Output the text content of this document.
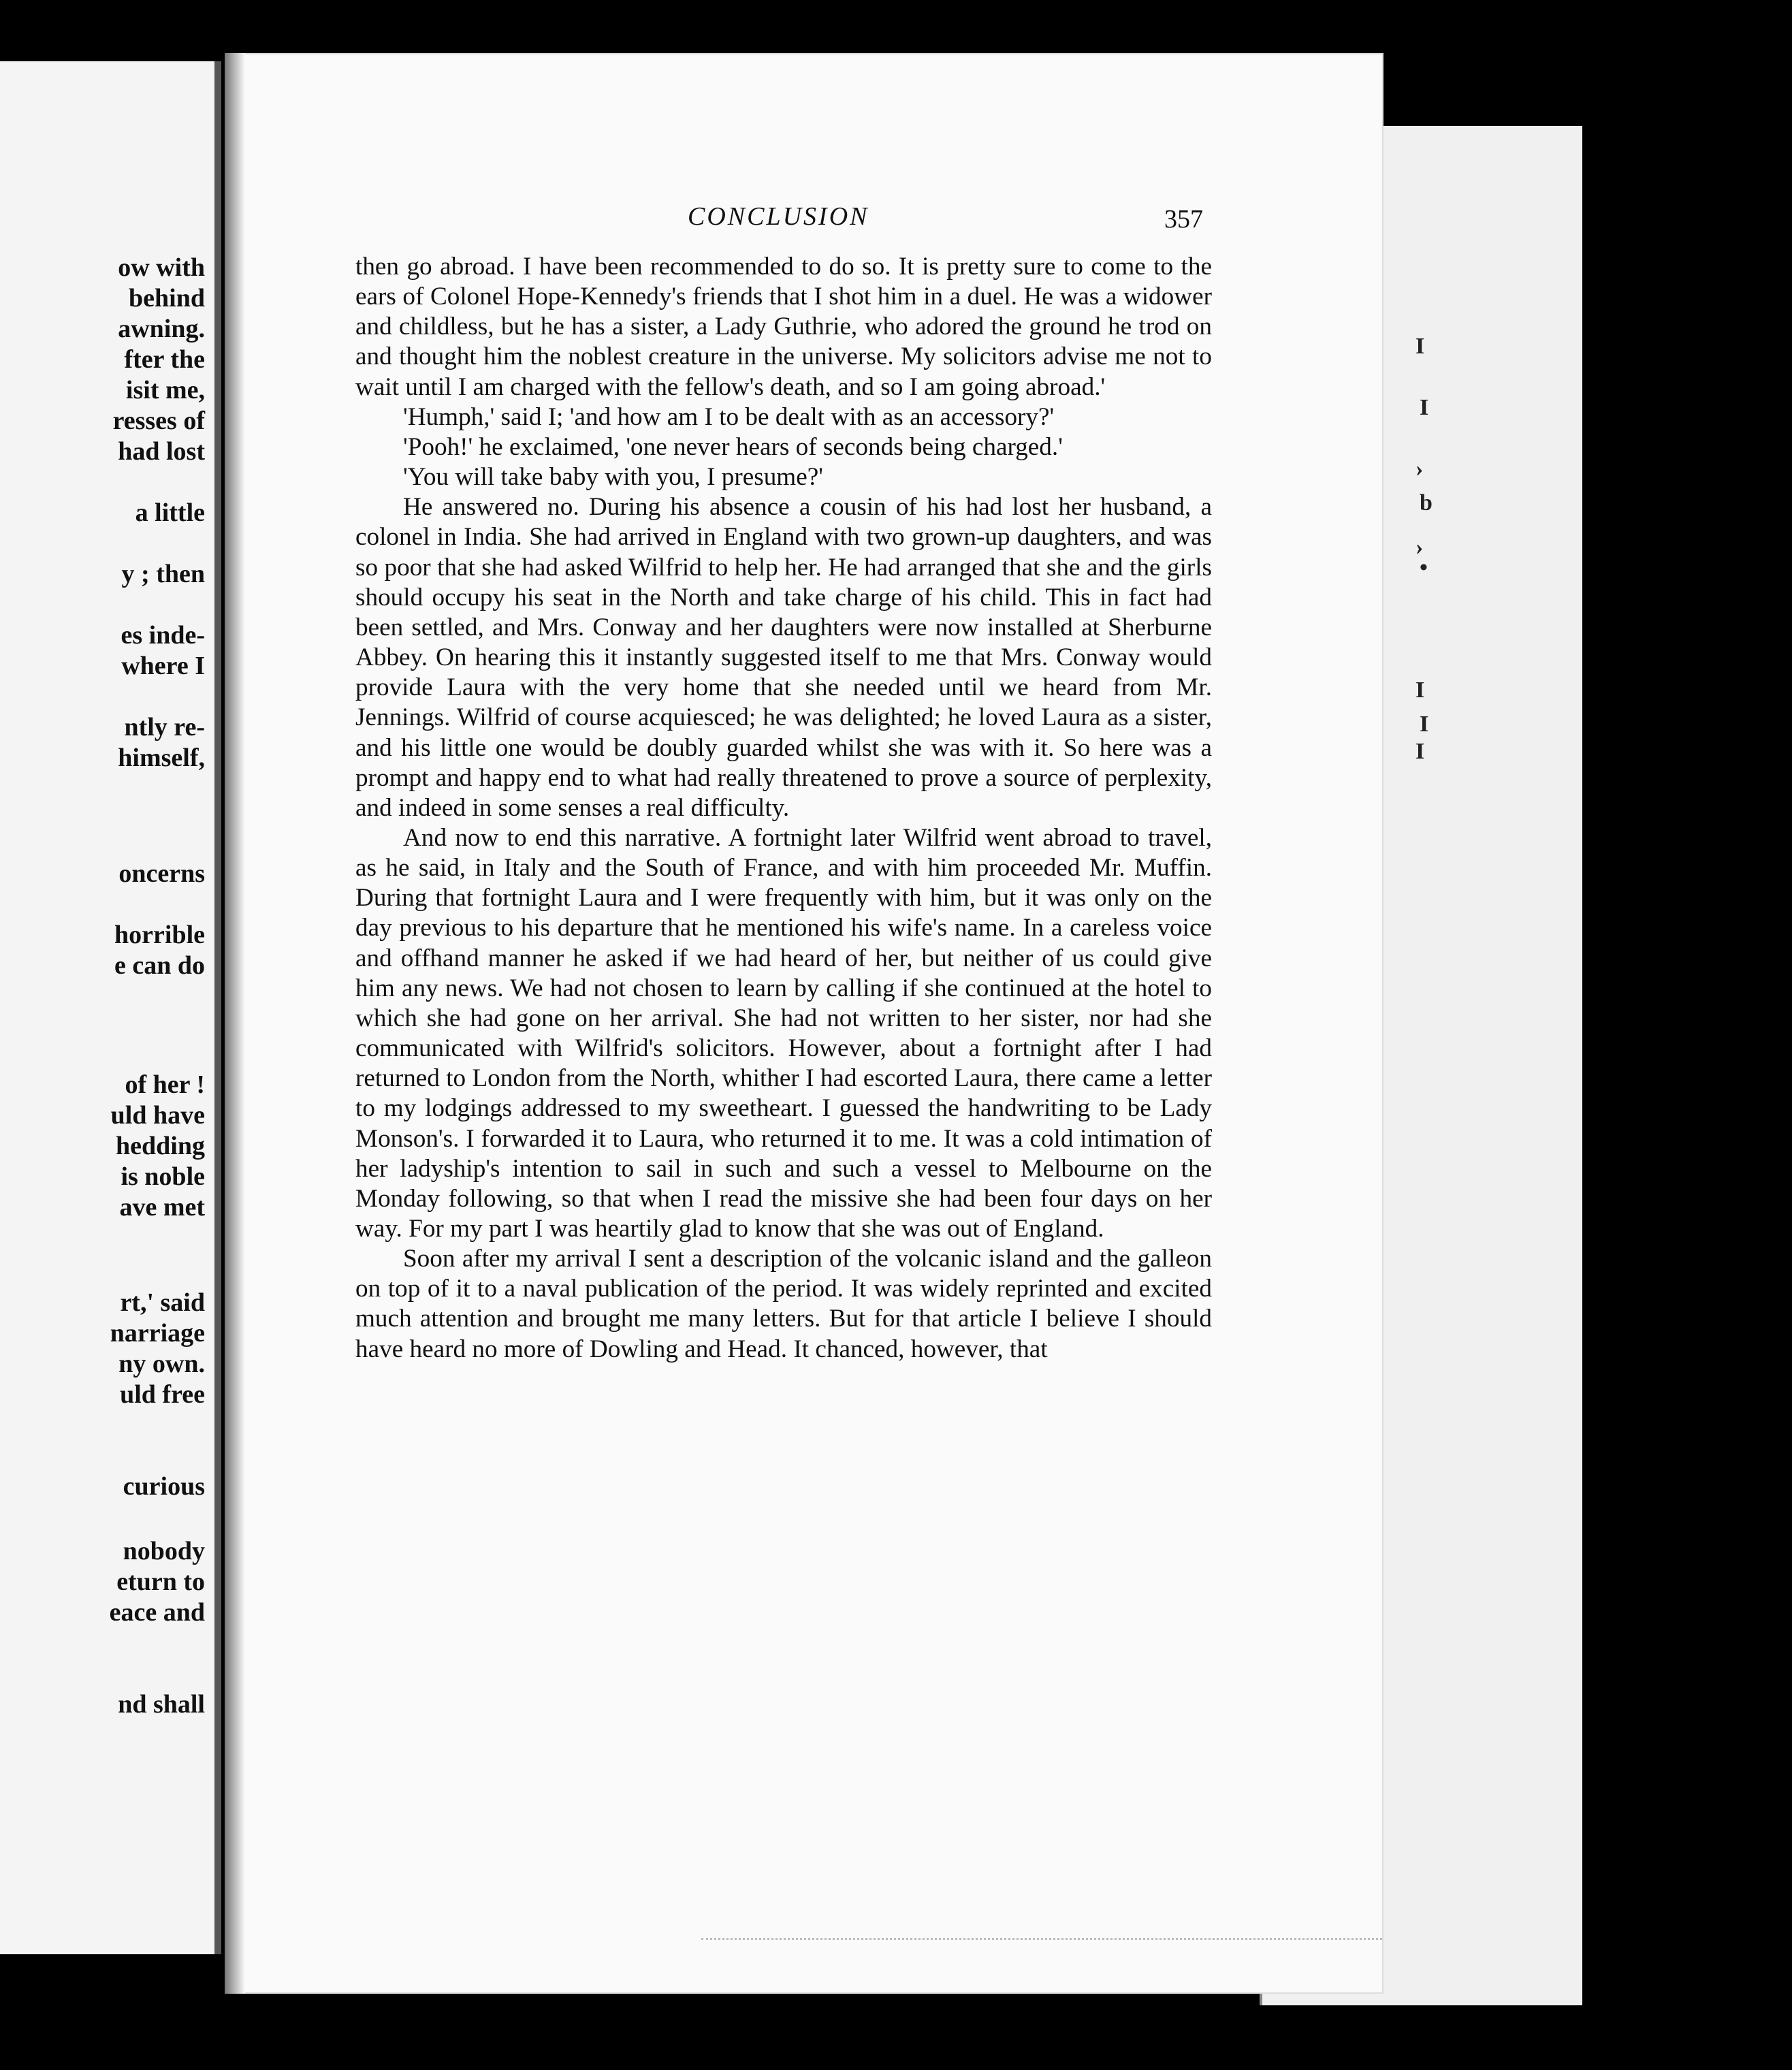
ow with
behind
awning.
fter the
isit me,
resses of
had lost
a little
y ; then
es inde-
where I
ntly re-
himself,
oncerns
horrible
e can do
of her !
uld have
hedding
is noble
ave met
rt,' said
narriage
ny own.
uld free
curious
nobody
eturn to
eace and
nd shall
I
I
›
b
›
•
I
I
I
CONCLUSION	357

then go abroad. I have been recommended to do so. It is pretty sure to come to the ears of Colonel Hope-Kennedy's friends that I shot him in a duel. He was a widower and childless, but he has a sister, a Lady Guthrie, who adored the ground he trod on and thought him the noblest creature in the universe. My solicitors advise me not to wait until I am charged with the fellow's death, and so I am going abroad.'

'Humph,' said I; 'and how am I to be dealt with as an accessory?'

'Pooh!' he exclaimed, 'one never hears of seconds being charged.'

'You will take baby with you, I presume?'

He answered no. During his absence a cousin of his had lost her husband, a colonel in India. She had arrived in England with two grown-up daughters, and was so poor that she had asked Wilfrid to help her. He had arranged that she and the girls should occupy his seat in the North and take charge of his child. This in fact had been settled, and Mrs. Conway and her daughters were now installed at Sherburne Abbey. On hearing this it instantly suggested itself to me that Mrs. Conway would provide Laura with the very home that she needed until we heard from Mr. Jennings. Wilfrid of course acquiesced; he was delighted; he loved Laura as a sister, and his little one would be doubly guarded whilst she was with it. So here was a prompt and happy end to what had really threatened to prove a source of perplexity, and indeed in some senses a real difficulty.

And now to end this narrative. A fortnight later Wilfrid went abroad to travel, as he said, in Italy and the South of France, and with him proceeded Mr. Muffin. During that fortnight Laura and I were frequently with him, but it was only on the day previous to his departure that he mentioned his wife's name. In a careless voice and offhand manner he asked if we had heard of her, but neither of us could give him any news. We had not chosen to learn by calling if she continued at the hotel to which she had gone on her arrival. She had not written to her sister, nor had she communicated with Wilfrid's solicitors. However, about a fortnight after I had returned to London from the North, whither I had escorted Laura, there came a letter to my lodgings addressed to my sweetheart. I guessed the handwriting to be Lady Monson's. I forwarded it to Laura, who returned it to me. It was a cold intimation of her ladyship's intention to sail in such and such a vessel to Melbourne on the Monday following, so that when I read the missive she had been four days on her way. For my part I was heartily glad to know that she was out of England.

Soon after my arrival I sent a description of the volcanic island and the galleon on top of it to a naval publication of the period. It was widely reprinted and excited much attention and brought me many letters. But for that article I believe I should have heard no more of Dowling and Head. It chanced, however, that
